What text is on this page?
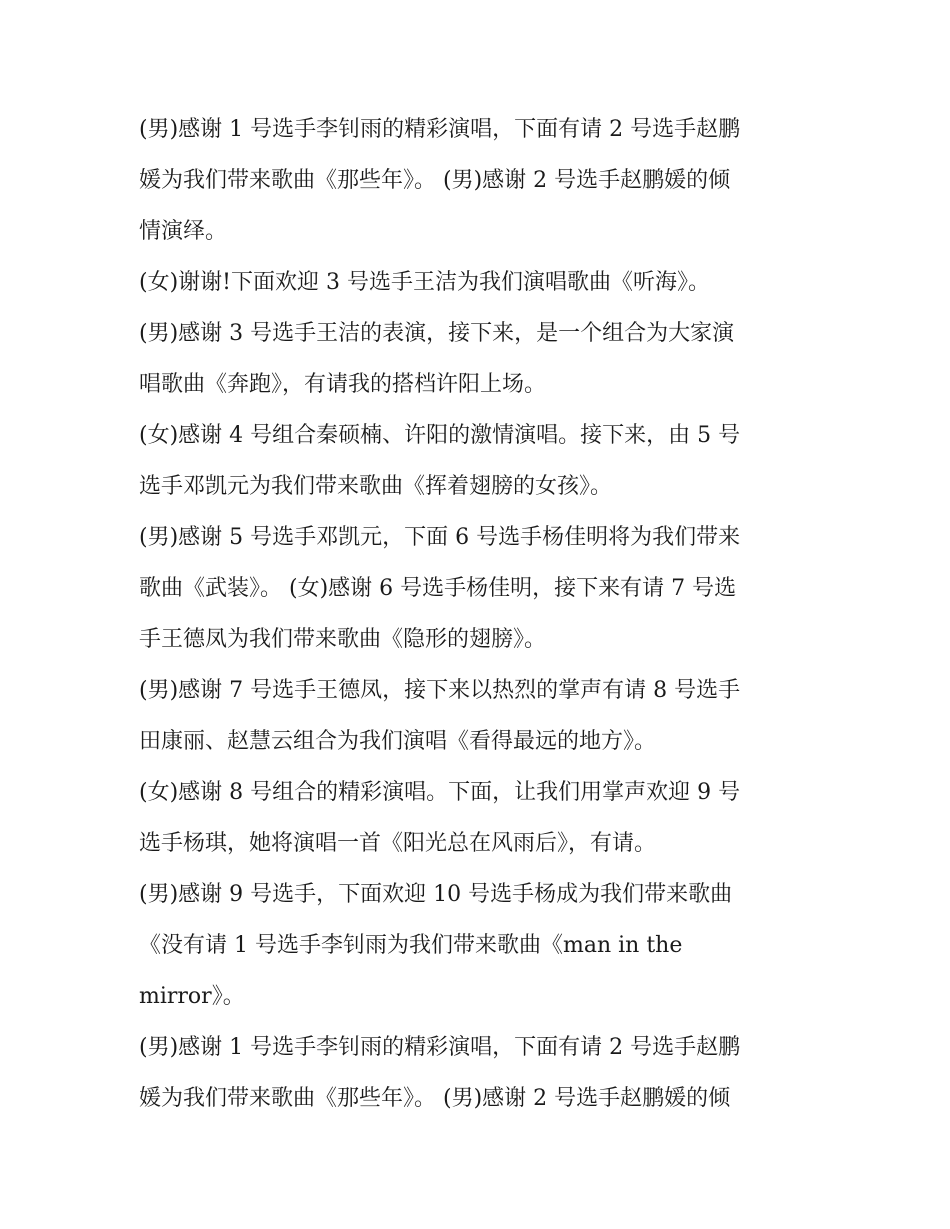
(男)感谢 1 号选手李钊雨的精彩演唱，下面有请 2 号选手赵鹏
媛为我们带来歌曲《那些年》。 (男)感谢 2 号选手赵鹏媛的倾
情演绎。

(女)谢谢!下面欢迎 3 号选手王洁为我们演唱歌曲《听海》。

(男)感谢 3 号选手王洁的表演，接下来，是一个组合为大家演
唱歌曲《奔跑》，有请我的搭档许阳上场。

(女)感谢 4 号组合秦硕楠、许阳的激情演唱。接下来，由 5 号
选手邓凯元为我们带来歌曲《挥着翅膀的女孩》。

(男)感谢 5 号选手邓凯元，下面 6 号选手杨佳明将为我们带来
歌曲《武装》。 (女)感谢 6 号选手杨佳明，接下来有请 7 号选
手王德凤为我们带来歌曲《隐形的翅膀》。

(男)感谢 7 号选手王德凤，接下来以热烈的掌声有请 8 号选手
田康丽、赵慧云组合为我们演唱《看得最远的地方》。

(女)感谢 8 号组合的精彩演唱。下面，让我们用掌声欢迎 9 号
选手杨琪，她将演唱一首《阳光总在风雨后》，有请。

(男)感谢 9 号选手，下面欢迎 10 号选手杨成为我们带来歌曲
《没有请 1 号选手李钊雨为我们带来歌曲《man in the
mirror》。

(男)感谢 1 号选手李钊雨的精彩演唱，下面有请 2 号选手赵鹏
媛为我们带来歌曲《那些年》。 (男)感谢 2 号选手赵鹏媛的倾
